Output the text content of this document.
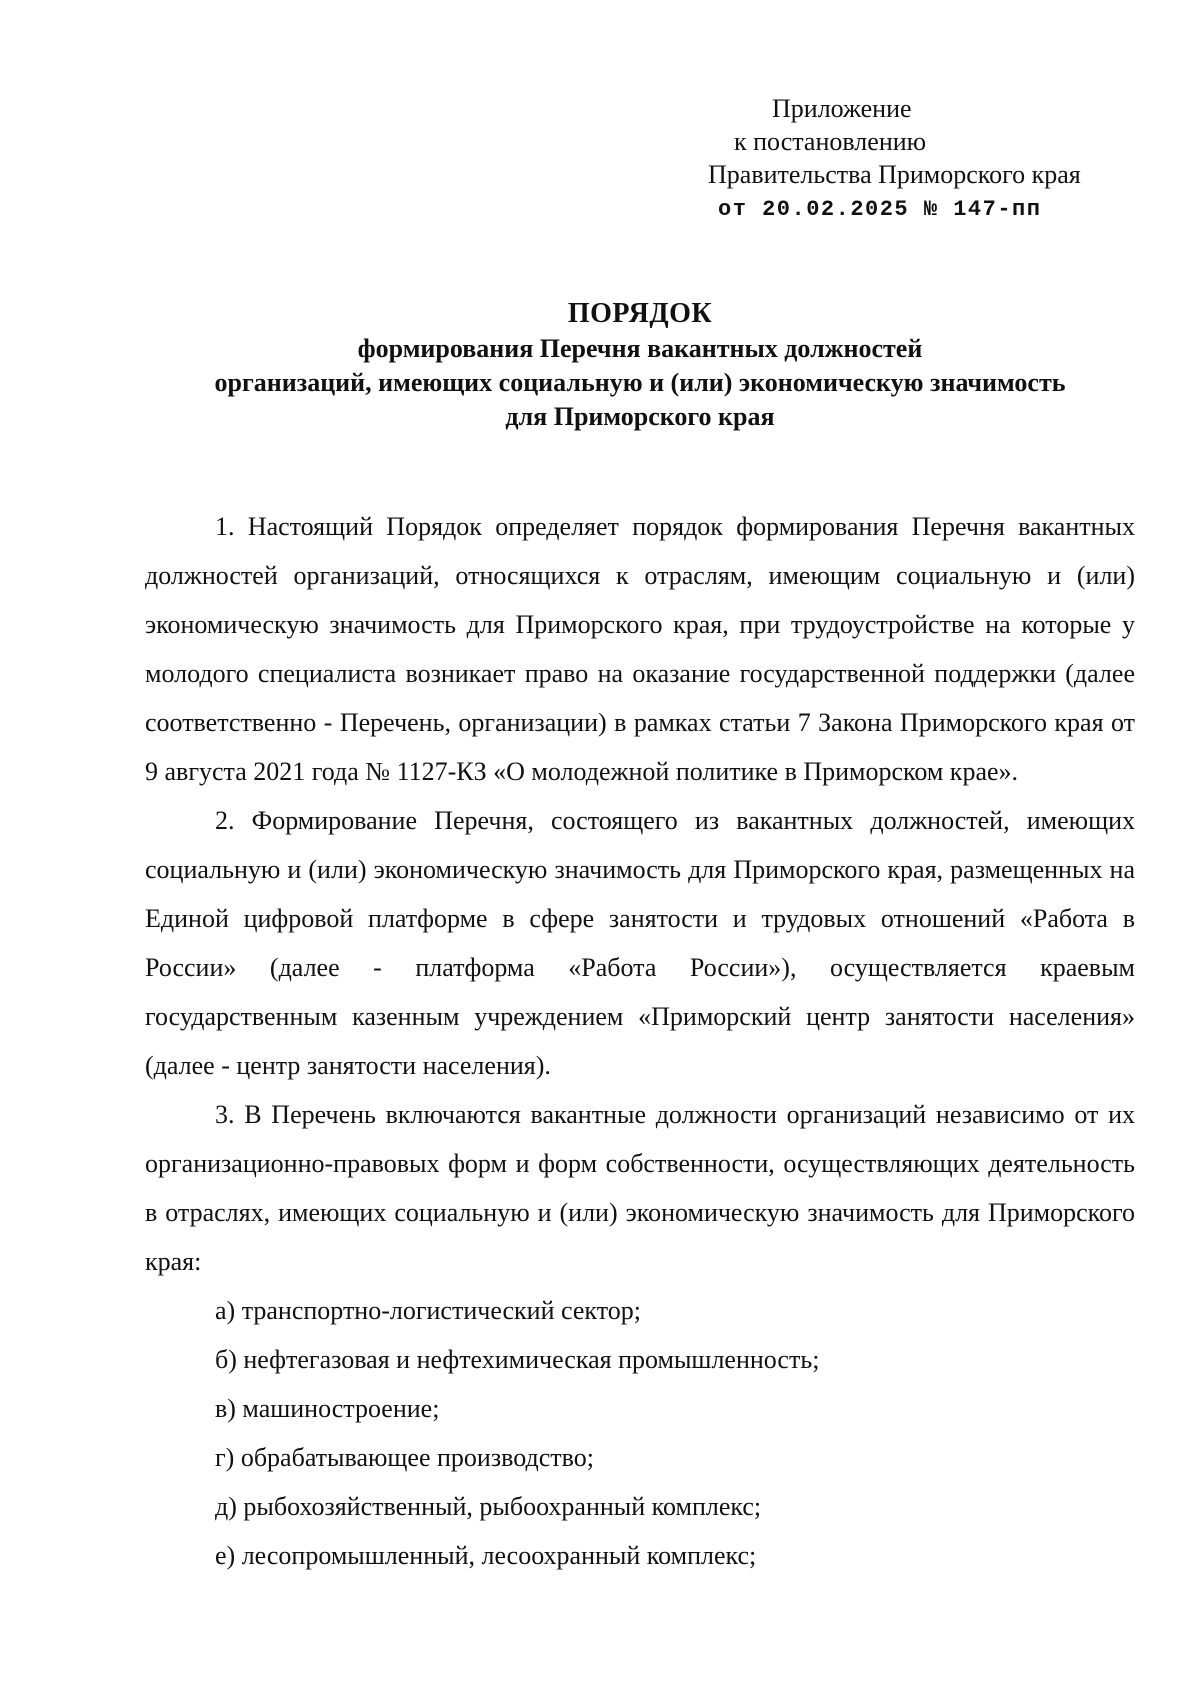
Приложение
к постановлению
Правительства Приморского края
от 20.02.2025 № 147-пп
ПОРЯДОК
формирования Перечня вакантных должностей
организаций, имеющих социальную и (или) экономическую значимость
для Приморского края

1. Настоящий Порядок определяет порядок формирования Перечня вакантных должностей организаций, относящихся к отраслям, имеющим социальную и (или) экономическую значимость для Приморского края, при трудоустройстве на которые у молодого специалиста возникает право на оказание государственной поддержки (далее соответственно - Перечень, организации) в рамках статьи 7 Закона Приморского края от 9 августа 2021 года № 1127-КЗ «О молодежной политике в Приморском крае».

2. Формирование Перечня, состоящего из вакантных должностей, имеющих социальную и (или) экономическую значимость для Приморского края, размещенных на Единой цифровой платформе в сфере занятости и трудовых отношений «Работа в России» (далее - платформа «Работа России»), осуществляется краевым государственным казенным учреждением «Приморский центр занятости населения» (далее - центр занятости населения).

3. В Перечень включаются вакантные должности организаций независимо от их организационно-правовых форм и форм собственности, осуществляющих деятельность в отраслях, имеющих социальную и (или) экономическую значимость для Приморского края:

а) транспортно-логистический сектор;

б) нефтегазовая и нефтехимическая промышленность;

в) машиностроение;

г) обрабатывающее производство;

д) рыбохозяйственный, рыбоохранный комплекс;

е) лесопромышленный, лесоохранный комплекс;
